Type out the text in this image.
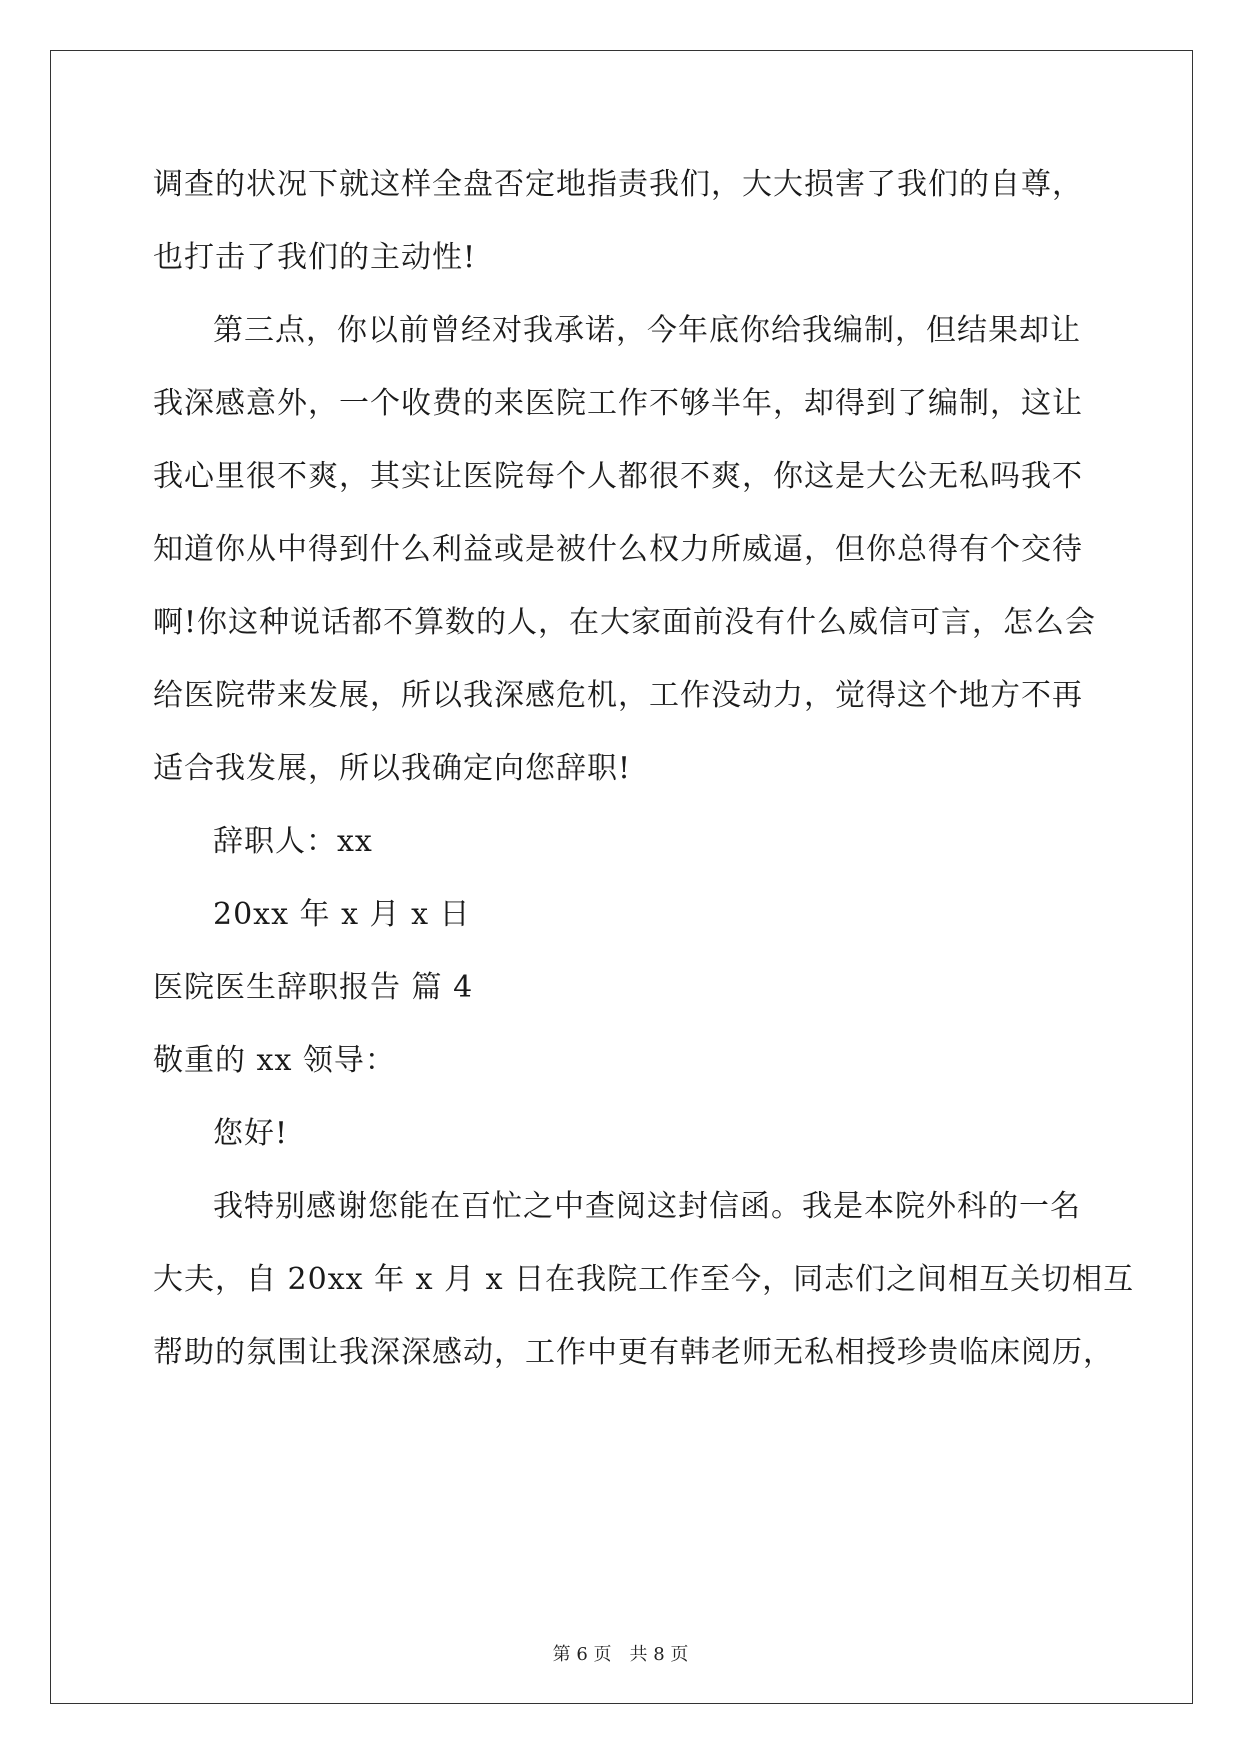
调查的状况下就这样全盘否定地指责我们，大大损害了我们的自尊，
也打击了我们的主动性!
第三点，你以前曾经对我承诺，今年底你给我编制，但结果却让
我深感意外，一个收费的来医院工作不够半年，却得到了编制，这让
我心里很不爽，其实让医院每个人都很不爽，你这是大公无私吗我不
知道你从中得到什么利益或是被什么权力所威逼，但你总得有个交待
啊!你这种说话都不算数的人，在大家面前没有什么威信可言，怎么会
给医院带来发展，所以我深感危机，工作没动力，觉得这个地方不再
适合我发展，所以我确定向您辞职!
辞职人：xx
20xx 年 x 月 x 日
医院医生辞职报告 篇 4
敬重的 xx 领导：
您好!
我特别感谢您能在百忙之中查阅这封信函。我是本院外科的一名
大夫，自 20xx 年 x 月 x 日在我院工作至今，同志们之间相互关切相互
帮助的氛围让我深深感动，工作中更有韩老师无私相授珍贵临床阅历，
第 6 页　共 8 页
